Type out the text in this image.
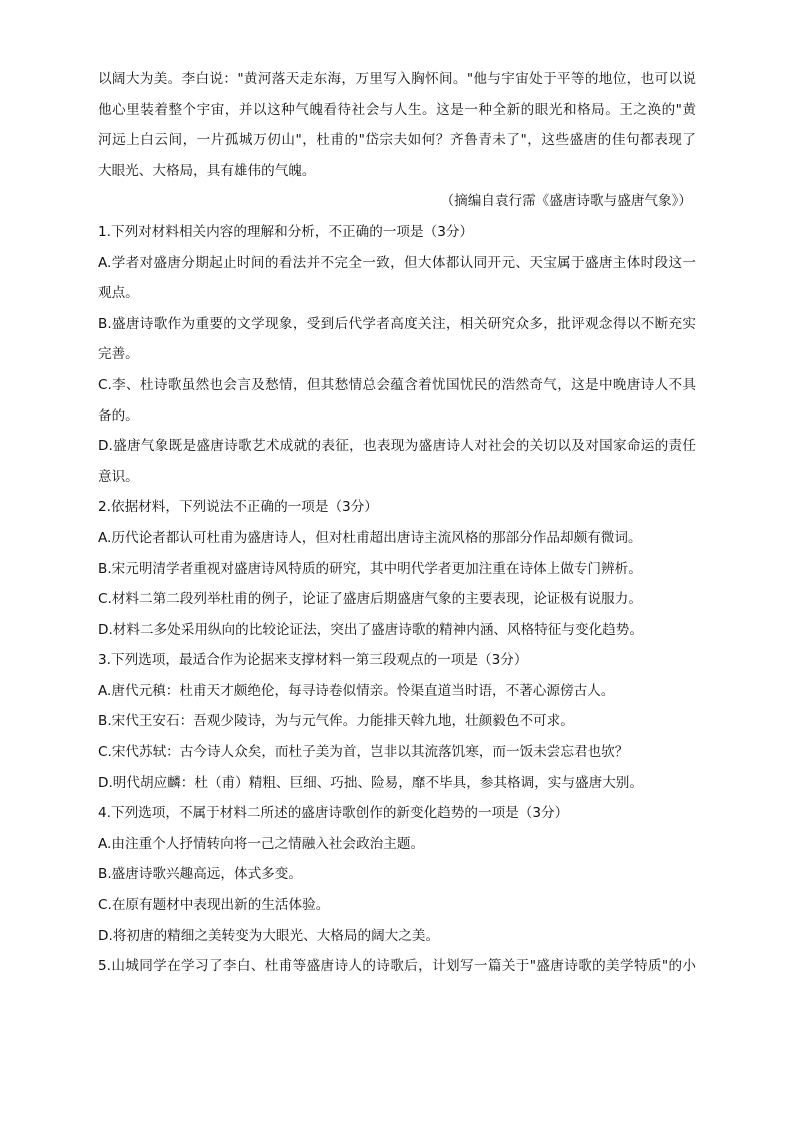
以阔大为美。李白说："黄河落天走东海，万里写入胸怀间。"他与宇宙处于平等的地位，也可以说
他心里装着整个宇宙，并以这种气魄看待社会与人生。这是一种全新的眼光和格局。王之涣的"黄
河远上白云间，一片孤城万仞山"，杜甫的"岱宗夫如何？齐鲁青未了"，这些盛唐的佳句都表现了
大眼光、大格局，具有雄伟的气魄。
（摘编自袁行霈《盛唐诗歌与盛唐气象》）
1.下列对材料相关内容的理解和分析，不正确的一项是（3分）
A.学者对盛唐分期起止时间的看法并不完全一致，但大体都认同开元、天宝属于盛唐主体时段这一
观点。
B.盛唐诗歌作为重要的文学现象，受到后代学者高度关注，相关研究众多，批评观念得以不断充实
完善。
C.李、杜诗歌虽然也会言及愁情，但其愁情总会蕴含着忧国忧民的浩然奇气，这是中晚唐诗人不具
备的。
D.盛唐气象既是盛唐诗歌艺术成就的表征，也表现为盛唐诗人对社会的关切以及对国家命运的责任
意识。
2.依据材料，下列说法不正确的一项是（3分）
A.历代论者都认可杜甫为盛唐诗人，但对杜甫超出唐诗主流风格的那部分作品却颇有微词。
B.宋元明清学者重视对盛唐诗风特质的研究，其中明代学者更加注重在诗体上做专门辨析。
C.材料二第二段列举杜甫的例子，论证了盛唐后期盛唐气象的主要表现，论证极有说服力。
D.材料二多处采用纵向的比较论证法，突出了盛唐诗歌的精神内涵、风格特征与变化趋势。
3.下列选项，最适合作为论据来支撑材料一第三段观点的一项是（3分）
A.唐代元稹：杜甫天才颇绝伦，每寻诗卷似情亲。怜渠直道当时语，不著心源傍古人。
B.宋代王安石：吾观少陵诗，为与元气侔。力能排天斡九地，壮颜毅色不可求。
C.宋代苏轼：古今诗人众矣，而杜子美为首，岂非以其流落饥寒，而一饭未尝忘君也欤？
D.明代胡应麟：杜（甫）精粗、巨细、巧拙、险易，靡不毕具，参其格调，实与盛唐大别。
4.下列选项，不属于材料二所述的盛唐诗歌创作的新变化趋势的一项是（3分）
A.由注重个人抒情转向将一己之情融入社会政治主题。
B.盛唐诗歌兴趣高远，体式多变。
C.在原有题材中表现出新的生活体验。
D.将初唐的精细之美转变为大眼光、大格局的阔大之美。
5.山城同学在学习了李白、杜甫等盛唐诗人的诗歌后，计划写一篇关于"盛唐诗歌的美学特质"的小
